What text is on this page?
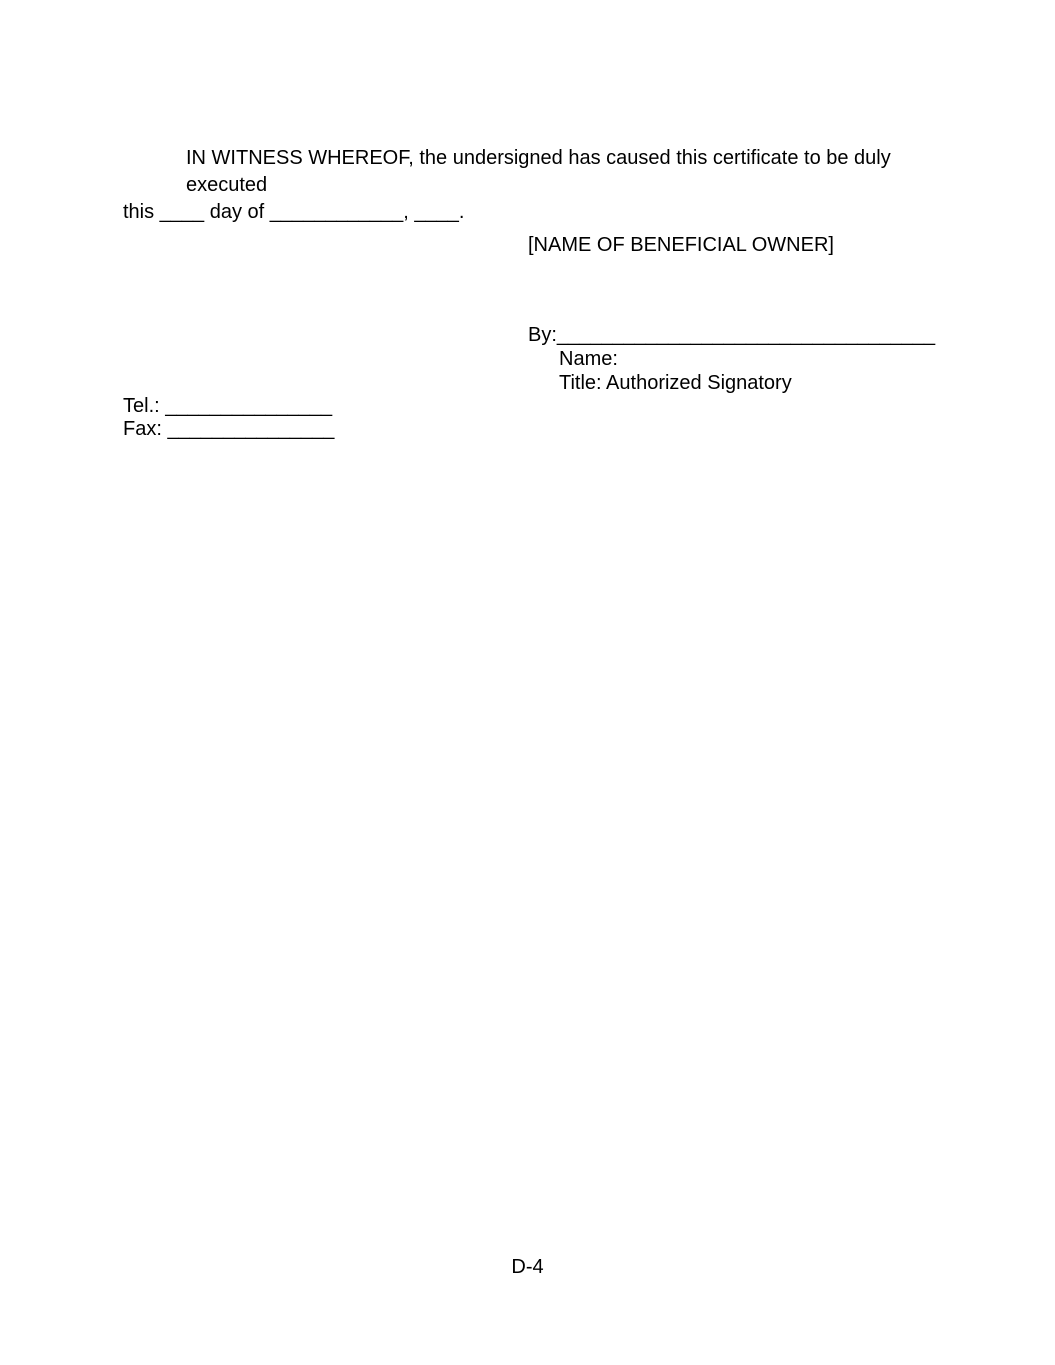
IN WITNESS WHEREOF, the undersigned has caused this certificate to be duly executed
this ____ day of ____________, ____.
[NAME OF BENEFICIAL OWNER]
By:__________________________________
Name:
Title: Authorized Signatory
Tel.: _______________
Fax: _______________
D-4
